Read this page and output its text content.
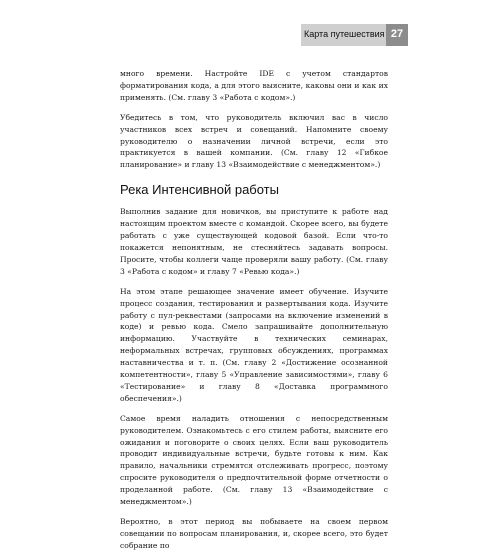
Карта путешествия 27

много времени. Настройте IDE с учетом стандартов форматирования кода, а для этого выясните, каковы они и как их применять. (См. главу 3 «Работа с кодом».)

Убедитесь в том, что руководитель включил вас в число участников всех встреч и совещаний. Напомните своему руководителю о назначении личной встречи, если это практикуется в вашей компании. (См. главу 12 «Гибкое планирование» и главу 13 «Взаимодействие с менеджментом».)

Река Интенсивной работы

Выполнив задание для новичков, вы приступите к работе над настоящим проектом вместе с командой. Скорее всего, вы будете работать с уже существующей кодовой базой. Если что-то покажется непонятным, не стесняйтесь задавать вопросы. Просите, чтобы коллеги чаще проверяли вашу работу. (См. главу 3 «Работа с кодом» и главу 7 «Ревью кода».)

На этом этапе решающее значение имеет обучение. Изучите процесс создания, тестирования и развертывания кода. Изучите работу с пул-реквестами (запросами на включение изменений в коде) и ревью кода. Смело запрашивайте дополнительную информацию. Участвуйте в технических семинарах, неформальных встречах, групповых обсуждениях, программах наставничества и т. п. (См. главу 2 «Достижение осознанной компетентности», главу 5 «Управление зависимостями», главу 6 «Тестирование» и главу 8 «Доставка программного обеспечения».)

Самое время наладить отношения с непосредственным руководителем. Ознакомьтесь с его стилем работы, выясните его ожидания и поговорите о своих целях. Если ваш руководитель проводит индивидуальные встречи, будьте готовы к ним. Как правило, начальники стремятся отслеживать прогресс, поэтому спросите руководителя о предпочтительной форме отчетности о проделанной работе. (См. главу 13 «Взаимодействие с менеджментом».)

Вероятно, в этот период вы побываете на своем первом совещании по вопросам планирования, и, скорее всего, это будет собрание по
